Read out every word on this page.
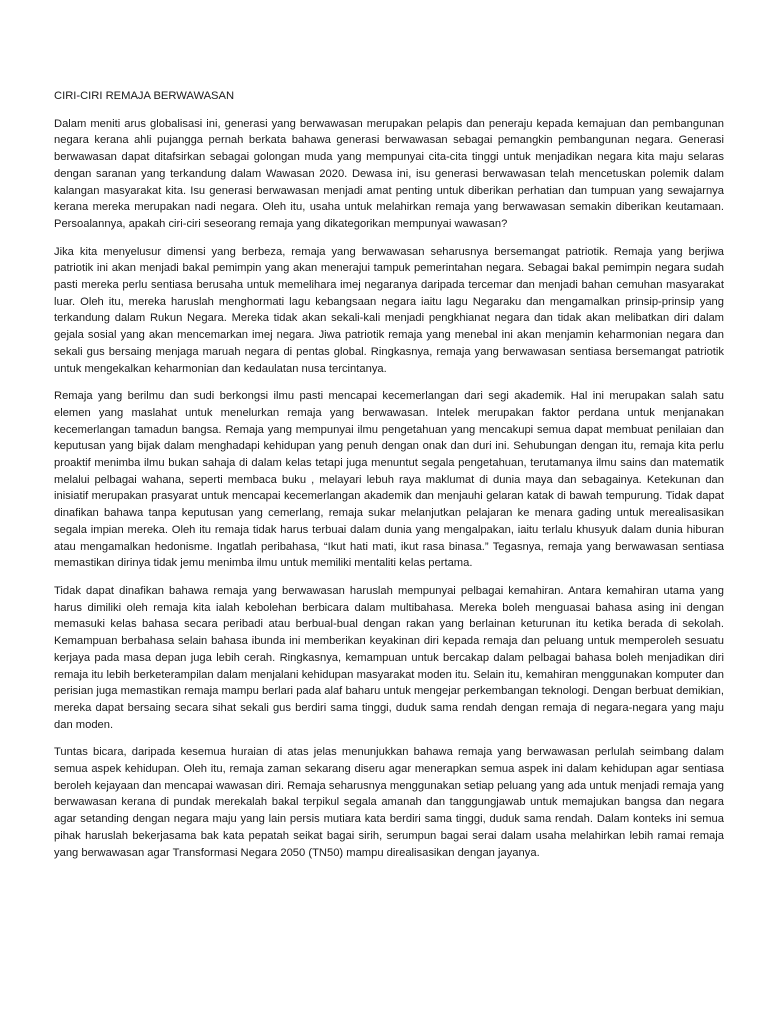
CIRI-CIRI REMAJA BERWAWASAN

Dalam meniti arus globalisasi ini, generasi yang berwawasan merupakan pelapis dan peneraju kepada kemajuan dan pembangunan negara kerana ahli pujangga pernah berkata bahawa generasi berwawasan sebagai pemangkin pembangunan negara. Generasi berwawasan dapat ditafsirkan sebagai golongan muda yang mempunyai cita-cita tinggi untuk menjadikan negara kita maju selaras dengan saranan yang terkandung dalam Wawasan 2020. Dewasa ini, isu generasi berwawasan telah mencetuskan polemik dalam kalangan masyarakat kita. Isu generasi berwawasan menjadi amat penting untuk diberikan perhatian dan tumpuan yang sewajarnya kerana mereka merupakan nadi negara. Oleh itu, usaha untuk melahirkan remaja yang berwawasan semakin diberikan keutamaan. Persoalannya, apakah ciri-ciri seseorang remaja yang dikategorikan mempunyai wawasan?

Jika kita menyelusur dimensi yang berbeza, remaja yang berwawasan seharusnya bersemangat patriotik. Remaja yang berjiwa patriotik ini akan menjadi bakal pemimpin yang akan menerajui tampuk pemerintahan negara. Sebagai bakal pemimpin negara sudah pasti mereka perlu sentiasa berusaha untuk memelihara imej negaranya daripada tercemar dan menjadi bahan cemuhan masyarakat luar. Oleh itu, mereka haruslah menghormati lagu kebangsaan negara iaitu lagu Negaraku dan mengamalkan prinsip-prinsip yang terkandung dalam Rukun Negara. Mereka tidak akan sekali-kali menjadi pengkhianat negara dan tidak akan melibatkan diri dalam gejala sosial yang akan mencemarkan imej negara. Jiwa patriotik remaja yang menebal ini akan menjamin keharmonian negara dan sekali gus bersaing menjaga maruah negara di pentas global. Ringkasnya, remaja yang berwawasan sentiasa bersemangat patriotik untuk mengekalkan keharmonian dan kedaulatan nusa tercintanya.

Remaja yang berilmu dan sudi berkongsi ilmu pasti mencapai kecemerlangan dari segi akademik. Hal ini merupakan salah satu elemen yang maslahat untuk menelurkan remaja yang berwawasan. Intelek merupakan faktor perdana untuk menjanakan kecemerlangan tamadun bangsa. Remaja yang mempunyai ilmu pengetahuan yang mencakupi semua dapat membuat penilaian dan keputusan yang bijak dalam menghadapi kehidupan yang penuh dengan onak dan duri ini. Sehubungan dengan itu, remaja kita perlu proaktif menimba ilmu bukan sahaja di dalam kelas tetapi juga menuntut segala pengetahuan, terutamanya ilmu sains dan matematik melalui pelbagai wahana, seperti membaca buku , melayari lebuh raya maklumat di dunia maya dan sebagainya. Ketekunan dan inisiatif merupakan prasyarat untuk mencapai kecemerlangan akademik dan menjauhi gelaran katak di bawah tempurung. Tidak dapat dinafikan bahawa tanpa keputusan yang cemerlang, remaja sukar melanjutkan pelajaran ke menara gading untuk merealisasikan segala impian mereka. Oleh itu remaja tidak harus terbuai dalam dunia yang mengalpakan, iaitu terlalu khusyuk dalam dunia hiburan atau mengamalkan hedonisme. Ingatlah peribahasa, “Ikut hati mati, ikut rasa binasa.” Tegasnya, remaja yang berwawasan sentiasa memastikan dirinya tidak jemu menimba ilmu untuk memiliki mentaliti kelas pertama.

Tidak dapat dinafikan bahawa remaja yang berwawasan haruslah mempunyai pelbagai kemahiran. Antara kemahiran utama yang harus dimiliki oleh remaja kita ialah kebolehan berbicara dalam multibahasa. Mereka boleh menguasai bahasa asing ini dengan memasuki kelas bahasa secara peribadi atau berbual-bual dengan rakan yang berlainan keturunan itu ketika berada di sekolah. Kemampuan berbahasa selain bahasa ibunda ini memberikan keyakinan diri kepada remaja dan peluang untuk memperoleh sesuatu kerjaya pada masa depan juga lebih cerah. Ringkasnya, kemampuan untuk bercakap dalam pelbagai bahasa boleh menjadikan diri remaja itu lebih berketerampilan dalam menjalani kehidupan masyarakat moden itu. Selain itu, kemahiran menggunakan komputer dan perisian juga memastikan remaja mampu berlari pada alaf baharu untuk mengejar perkembangan teknologi. Dengan berbuat demikian, mereka dapat bersaing secara sihat sekali gus berdiri sama tinggi, duduk sama rendah dengan remaja di negara-negara yang maju dan moden.

Tuntas bicara, daripada kesemua huraian di atas jelas menunjukkan bahawa remaja yang berwawasan perlulah seimbang dalam semua aspek kehidupan. Oleh itu, remaja zaman sekarang diseru agar menerapkan semua aspek ini dalam kehidupan agar sentiasa beroleh kejayaan dan mencapai wawasan diri. Remaja seharusnya menggunakan setiap peluang yang ada untuk menjadi remaja yang berwawasan kerana di pundak merekalah bakal terpikul segala amanah dan tanggungjawab untuk memajukan bangsa dan negara agar setanding dengan negara maju yang lain persis mutiara kata berdiri sama tinggi, duduk sama rendah. Dalam konteks ini semua pihak haruslah bekerjasama bak kata pepatah seikat bagai sirih, serumpun bagai serai dalam usaha melahirkan lebih ramai remaja yang berwawasan agar Transformasi Negara 2050 (TN50) mampu direalisasikan dengan jayanya.
